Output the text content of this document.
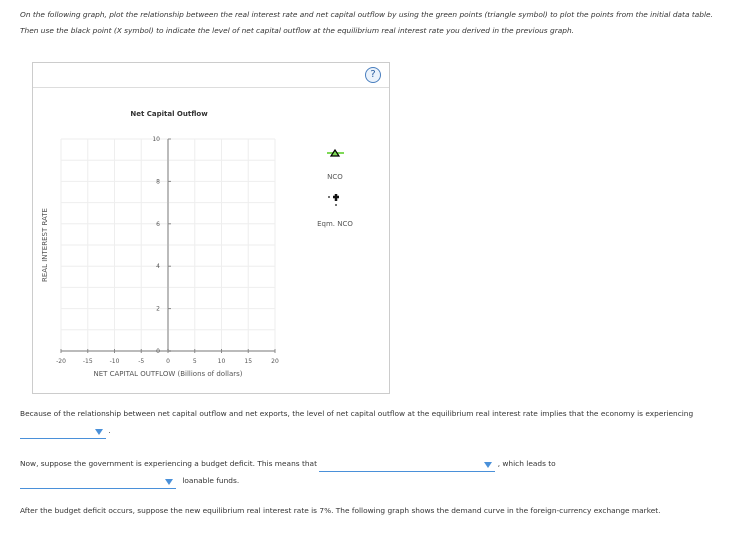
On the following graph, plot the relationship between the real interest rate and net capital outflow by using the green points (triangle symbol) to plot the points from the initial data table. Then use the black point (X symbol) to indicate the level of net capital outflow at the equilibrium real interest rate you derived in the previous graph.
?
-20	-15	-10	-5	0	5	10	15	20
0
2
4
6
8
10
Net Capital Outflow
NET CAPITAL OUTFLOW (Billions of dollars)
REAL INTEREST RATE
NCO
Eqm. NCO
Because of the relationship between net capital outflow and net exports, the level of net capital outflow at the equilibrium real interest rate implies that the economy is experiencing
.
Now, suppose the government is experiencing a budget deficit. This means that	, which leads to

loanable funds.
After the budget deficit occurs, suppose the new equilibrium real interest rate is 7%. The following graph shows the demand curve in the foreign-currency exchange market.
